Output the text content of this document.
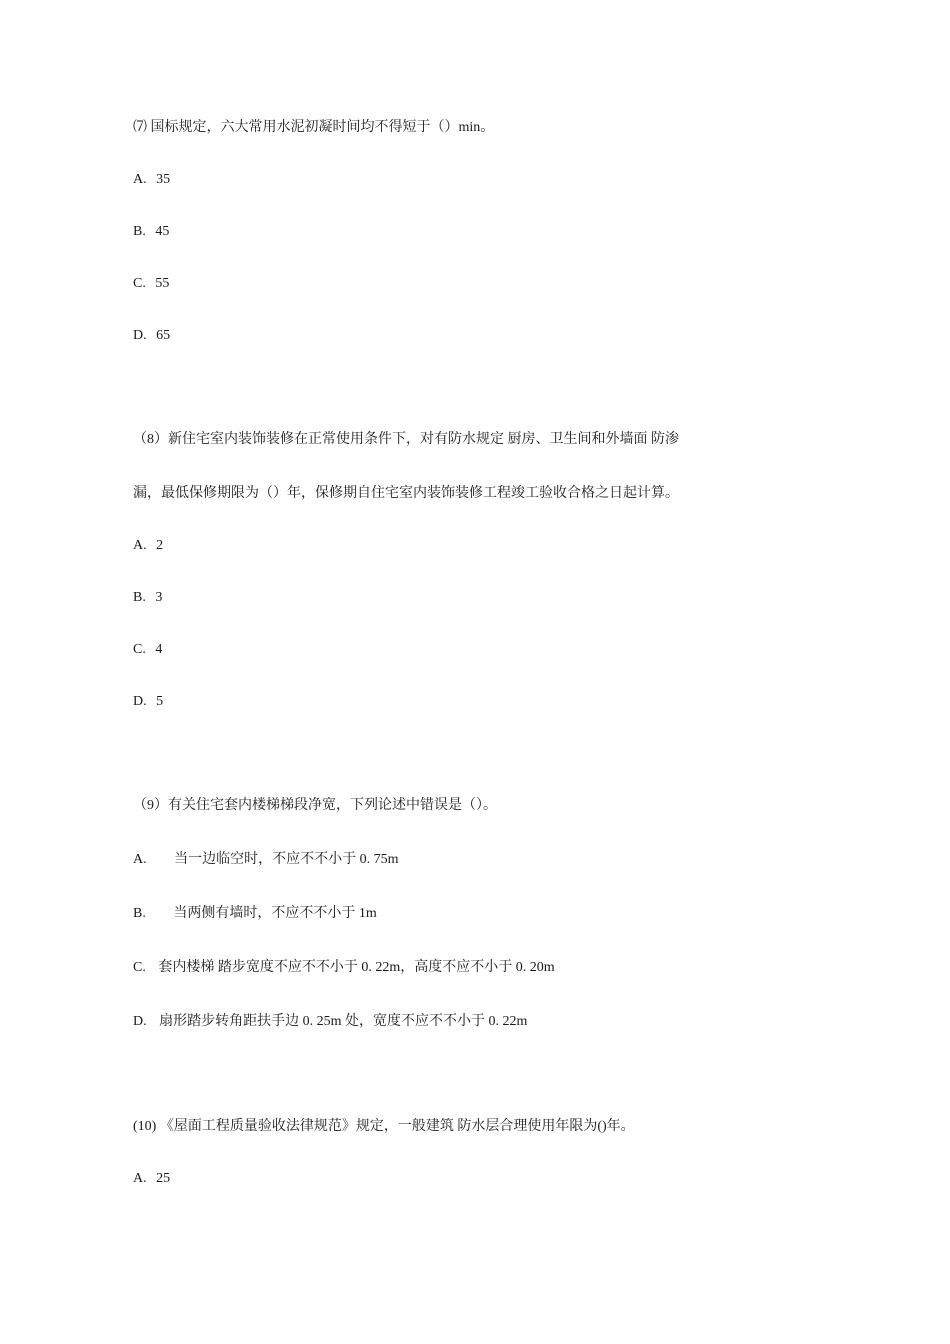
⑺ 国标规定，六大常用水泥初凝时间均不得短于（）min。
A. 35
B. 45
C. 55
D. 65
（8）新住宅室内装饰装修在正常使用条件下，对有防水规定 厨房、卫生间和外墙面 防渗
漏，最低保修期限为（）年，保修期自住宅室内装饰装修工程竣工验收合格之日起计算。
A. 2
B. 3
C. 4
D. 5
（9）有关住宅套内楼梯梯段净宽，下列论述中错误是（）。
A. 当一边临空时，不应不不小于 0. 75m
B. 当两侧有墙时，不应不不小于 1m
C. 套内楼梯 踏步宽度不应不不小于 0. 22m，高度不应不小于 0. 20m
D. 扇形踏步转角距扶手边 0. 25m 处，宽度不应不不小于 0. 22m
(10) 《屋面工程质量验收法律规范》规定，一般建筑 防水层合理使用年限为()年。
A. 25
